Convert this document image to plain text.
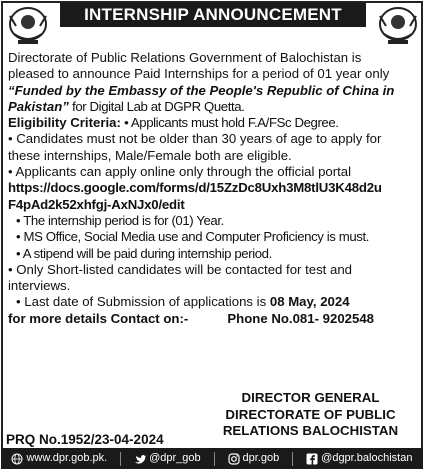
INTERNSHIP ANNOUNCEMENT

Directorate of Public Relations Government of Balochistan is

pleased to announce Paid Internships for a period of 01 year only

“Funded by the Embassy of the People's Republic of China in

Pakistan” for Digital Lab at DGPR Quetta.

Eligibility Criteria: • Applicants must hold F.A/FSc Degree.

• Candidates must not be older than 30 years of age to apply for

these internships, Male/Female both are eligible.

• Applicants can apply online only through the official portal

https://docs.google.com/forms/d/15ZzDc8Uxh3M8tlU3K48d2u

F4pAd2k52xhfgj-AxNJx0/edit

• The internship period is for (01) Year.

• MS Office, Social Media use and Computer Proficiency is must.

• A stipend will be paid during internship period.

• Only Short-listed candidates will be contacted for test and

interviews.

• Last date of Submission of applications is 08 May, 2024

for more details Contact on:-	Phone No.081- 9202548

DIRECTOR GENERAL
DIRECTORATE OF PUBLIC
RELATIONS BALOCHISTAN
PRQ No.1952/23-04-2024
www.dpr.gob.pk.	@dpr_gob	dpr.gob	@dgpr.balochistan
